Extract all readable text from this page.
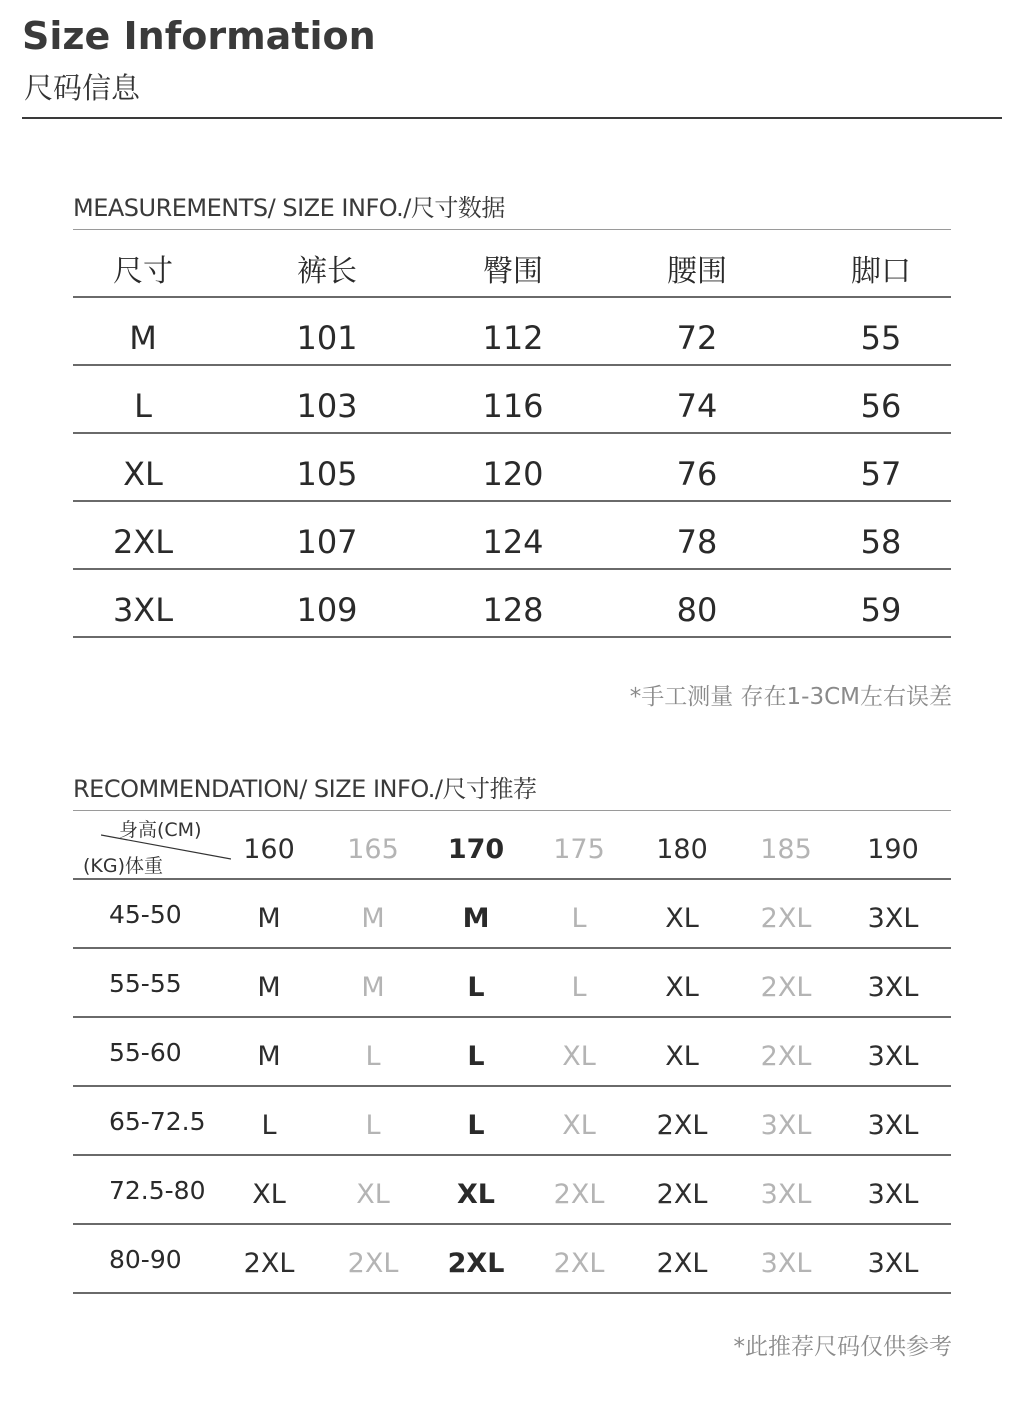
Size Information
尺码信息
MEASUREMENTS/ SIZE INFO./尺寸数据
尺寸	裤长	臀围	腰围	脚口
M	101	112	72	55
L	103	116	74	56
XL	105	120	76	57
2XL	107	124	78	58
3XL	109	128	80	59
*手工测量 存在1-3CM左右误差
RECOMMENDATION/ SIZE INFO./尺寸推荐
身高(CM)
(KG)体重
160	165	170	175	180	185	190
45-50	M	M	M	L	XL	2XL	3XL
55-55	M	M	L	L	XL	2XL	3XL
55-60	M	L	L	XL	XL	2XL	3XL
65-72.5	L	L	L	XL	2XL	3XL	3XL
72.5-80	XL	XL	XL	2XL	2XL	3XL	3XL
80-90	2XL	2XL	2XL	2XL	2XL	3XL	3XL
*此推荐尺码仅供参考
